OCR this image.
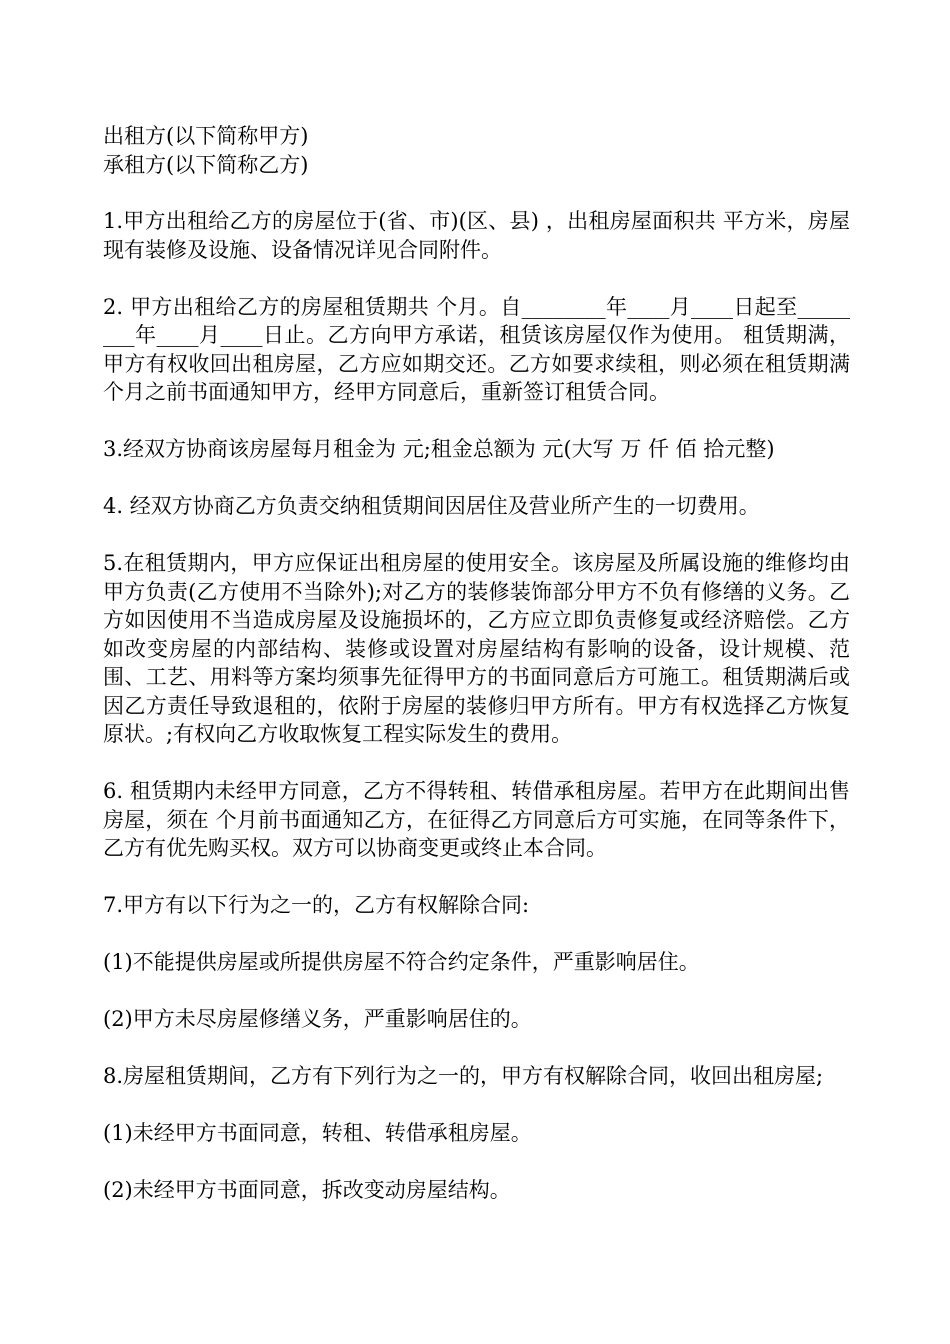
出租方(以下简称甲方)
承租方(以下简称乙方)
1.甲方出租给乙方的房屋位于(省、市)(区、县) ，出租房屋面积共 平方米，房屋现有装修及设施、设备情况详见合同附件。
2. 甲方出租给乙方的房屋租赁期共 个月。自________年____月____日起至________年____月____日止。乙方向甲方承诺，租赁该房屋仅作为使用。 租赁期满，甲方有权收回出租房屋，乙方应如期交还。乙方如要求续租，则必须在租赁期满个月之前书面通知甲方，经甲方同意后，重新签订租赁合同。
3.经双方协商该房屋每月租金为 元;租金总额为 元(大写 万 仟 佰 拾元整)
4. 经双方协商乙方负责交纳租赁期间因居住及营业所产生的一切费用。
5.在租赁期内，甲方应保证出租房屋的使用安全。该房屋及所属设施的维修均由甲方负责(乙方使用不当除外);对乙方的装修装饰部分甲方不负有修缮的义务。乙方如因使用不当造成房屋及设施损坏的，乙方应立即负责修复或经济赔偿。乙方如改变房屋的内部结构、装修或设置对房屋结构有影响的设备，设计规模、范围、工艺、用料等方案均须事先征得甲方的书面同意后方可施工。租赁期满后或因乙方责任导致退租的，依附于房屋的装修归甲方所有。甲方有权选择乙方恢复原状。;有权向乙方收取恢复工程实际发生的费用。
6. 租赁期内未经甲方同意，乙方不得转租、转借承租房屋。若甲方在此期间出售房屋，须在 个月前书面通知乙方，在征得乙方同意后方可实施，在同等条件下，乙方有优先购买权。双方可以协商变更或终止本合同。
7.甲方有以下行为之一的，乙方有权解除合同:
(1)不能提供房屋或所提供房屋不符合约定条件，严重影响居住。
(2)甲方未尽房屋修缮义务，严重影响居住的。
8.房屋租赁期间，乙方有下列行为之一的，甲方有权解除合同，收回出租房屋;
(1)未经甲方书面同意，转租、转借承租房屋。
(2)未经甲方书面同意，拆改变动房屋结构。
